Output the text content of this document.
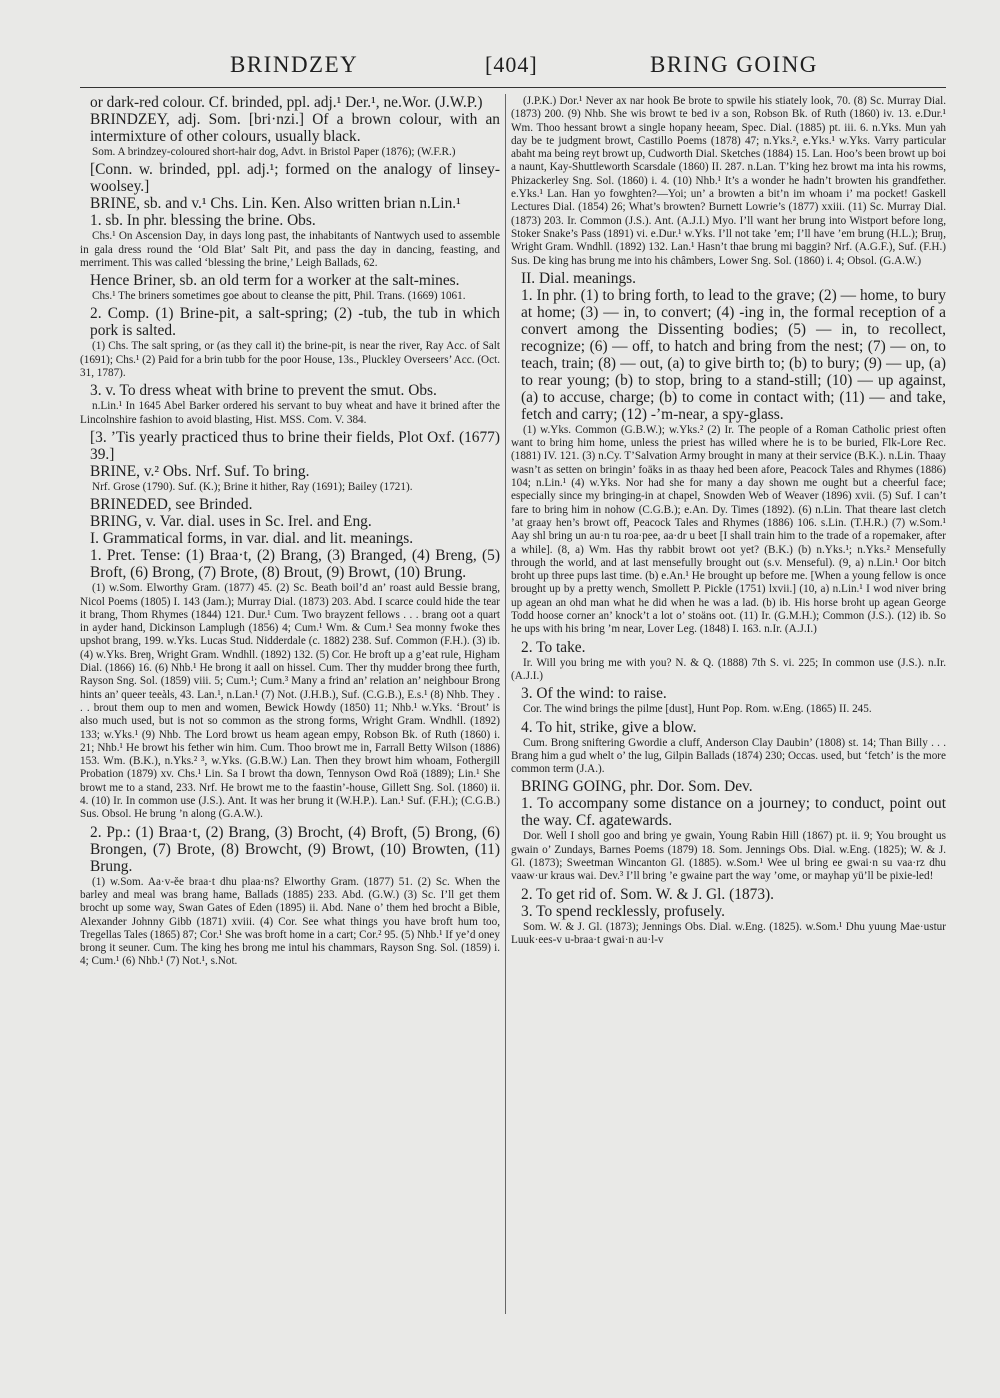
BRINDZEY	[404]	BRING GOING

or dark-red colour. Cf. brinded, ppl. adj.¹ Der.¹, ne.Wor. (J.W.P.)

BRINDZEY, adj. Som. [bri·nzi.] Of a brown colour, with an intermixture of other colours, usually black.

Som. A brindzey-coloured short-hair dog, Advt. in Bristol Paper (1876); (W.F.R.)

[Conn. w. brinded, ppl. adj.¹; formed on the analogy of linsey-woolsey.]

BRINE, sb. and v.¹ Chs. Lin. Ken. Also written brian n.Lin.¹

1. sb. In phr. blessing the brine. Obs.

Chs.¹ On Ascension Day, in days long past, the inhabitants of Nantwych used to assemble in gala dress round the ‘Old Blat’ Salt Pit, and pass the day in dancing, feasting, and merriment. This was called ‘blessing the brine,’ Leigh Ballads, 62.

Hence Briner, sb. an old term for a worker at the salt-mines.

Chs.¹ The briners sometimes goe about to cleanse the pitt, Phil. Trans. (1669) 1061.

2. Comp. (1) Brine-pit, a salt-spring; (2) -tub, the tub in which pork is salted.

(1) Chs. The salt spring, or (as they call it) the brine-pit, is near the river, Ray Acc. of Salt (1691); Chs.¹ (2) Paid for a brin tubb for the poor House, 13s., Pluckley Overseers’ Acc. (Oct. 31, 1787).

3. v. To dress wheat with brine to prevent the smut. Obs.

n.Lin.¹ In 1645 Abel Barker ordered his servant to buy wheat and have it brined after the Lincolnshire fashion to avoid blasting, Hist. MSS. Com. V. 384.

[3. ’Tis yearly practiced thus to brine their fields, Plot Oxf. (1677) 39.]

BRINE, v.² Obs. Nrf. Suf. To bring.

Nrf. Grose (1790). Suf. (K.); Brine it hither, Ray (1691); Bailey (1721).

BRINEDED, see Brinded.

BRING, v. Var. dial. uses in Sc. Irel. and Eng.

I. Grammatical forms, in var. dial. and lit. meanings.

1. Pret. Tense: (1) Braa·t, (2) Brang, (3) Branged, (4) Breng, (5) Broft, (6) Brong, (7) Brote, (8) Brout, (9) Browt, (10) Brung.

(1) w.Som. Elworthy Gram. (1877) 45. (2) Sc. Beath boil’d an’ roast auld Bessie brang, Nicol Poems (1805) I. 143 (Jam.); Murray Dial. (1873) 203. Abd. I scarce could hide the tear it brang, Thom Rhymes (1844) 121. Dur.¹ Cum. Two brayzent fellows . . . brang oot a quart in ayder hand, Dickinson Lamplugh (1856) 4; Cum.¹ Wm. & Cum.¹ Sea monny fwoke thes upshot brang, 199. w.Yks. Lucas Stud. Nidderdale (c. 1882) 238. Suf. Common (F.H.). (3) ib. (4) w.Yks. Breŋ, Wright Gram. Wndhll. (1892) 132. (5) Cor. He broft up a g’eat rule, Higham Dial. (1866) 16. (6) Nhb.¹ He brong it aall on hissel. Cum. Ther thy mudder brong thee furth, Rayson Sng. Sol. (1859) viii. 5; Cum.¹; Cum.³ Many a frind an’ relation an’ neighbour Brong hints an’ queer teeàls, 43. Lan.¹, n.Lan.¹ (7) Not. (J.H.B.), Suf. (C.G.B.), E.s.¹ (8) Nhb. They . . . brout them oup to men and women, Bewick Howdy (1850) 11; Nhb.¹ w.Yks. ‘Brout’ is also much used, but is not so common as the strong forms, Wright Gram. Wndhll. (1892) 133; w.Yks.¹ (9) Nhb. The Lord browt us heam agean empy, Robson Bk. of Ruth (1860) i. 21; Nhb.¹ He browt his fether win him. Cum. Thoo browt me in, Farrall Betty Wilson (1886) 153. Wm. (B.K.), n.Yks.² ³, w.Yks. (G.B.W.) Lan. Then they browt him whoam, Fothergill Probation (1879) xv. Chs.¹ Lin. Sa I browt tha down, Tennyson Owd Roä (1889); Lin.¹ She browt me to a stand, 233. Nrf. He browt me to the faastin’-house, Gillett Sng. Sol. (1860) ii. 4. (10) Ir. In common use (J.S.). Ant. It was her brung it (W.H.P.). Lan.¹ Suf. (F.H.); (C.G.B.) Sus. Obsol. He brung ’n along (G.A.W.).

2. Pp.: (1) Braa·t, (2) Brang, (3) Brocht, (4) Broft, (5) Brong, (6) Brongen, (7) Brote, (8) Browcht, (9) Browt, (10) Browten, (11) Brung.

(1) w.Som. Aa·v-ĕe braa·t dhu plaa·ns? Elworthy Gram. (1877) 51. (2) Sc. When the barley and meal was brang hame, Ballads (1885) 233. Abd. (G.W.) (3) Sc. I’ll get them brocht up some way, Swan Gates of Eden (1895) ii. Abd. Nane o’ them hed brocht a Bible, Alexander Johnny Gibb (1871) xviii. (4) Cor. See what things you have broft hum too, Tregellas Tales (1865) 87; Cor.¹ She was broft home in a cart; Cor.² 95. (5) Nhb.¹ If ye’d oney brong it seuner. Cum. The king hes brong me intul his chammars, Rayson Sng. Sol. (1859) i. 4; Cum.¹ (6) Nhb.¹ (7) Not.¹, s.Not.

(J.P.K.) Dor.¹ Never ax nar hook Be brote to spwile his stiately look, 70. (8) Sc. Murray Dial. (1873) 200. (9) Nhb. She wis browt te bed iv a son, Robson Bk. of Ruth (1860) iv. 13. e.Dur.¹ Wm. Thoo hessant browt a single hopany heeam, Spec. Dial. (1885) pt. iii. 6. n.Yks. Mun yah day be te judgment browt, Castillo Poems (1878) 47; n.Yks.², e.Yks.¹ w.Yks. Varry particular abaht ma being reyt browt up, Cudworth Dial. Sketches (1884) 15. Lan. Hoo’s been browt up boi a naunt, Kay-Shuttleworth Scarsdale (1860) II. 287. n.Lan. T’king hez browt ma inta his rowms, Phizackerley Sng. Sol. (1860) i. 4. (10) Nhb.¹ It’s a wonder he hadn’t browten his grandfether. e.Yks.¹ Lan. Han yo fowghten?—Yoi; un’ a browten a bit’n im whoam i’ ma pocket! Gaskell Lectures Dial. (1854) 26; What’s browten? Burnett Lowrie’s (1877) xxiii. (11) Sc. Murray Dial. (1873) 203. Ir. Common (J.S.). Ant. (A.J.I.) Myo. I’ll want her brung into Wistport before long, Stoker Snake’s Pass (1891) vi. e.Dur.¹ w.Yks. I’ll not take ’em; I’ll have ’em brung (H.L.); Bruŋ, Wright Gram. Wndhll. (1892) 132. Lan.¹ Hasn’t thae brung mi baggin? Nrf. (A.G.F.), Suf. (F.H.) Sus. De king has brung me into his châmbers, Lower Sng. Sol. (1860) i. 4; Obsol. (G.A.W.)

II. Dial. meanings.

1. In phr. (1) to bring forth, to lead to the grave; (2) — home, to bury at home; (3) — in, to convert; (4) -ing in, the formal reception of a convert among the Dissenting bodies; (5) — in, to recollect, recognize; (6) — off, to hatch and bring from the nest; (7) — on, to teach, train; (8) — out, (a) to give birth to; (b) to bury; (9) — up, (a) to rear young; (b) to stop, bring to a stand-still; (10) — up against, (a) to accuse, charge; (b) to come in contact with; (11) — and take, fetch and carry; (12) -’m-near, a spy-glass.

(1) w.Yks. Common (G.B.W.); w.Yks.² (2) Ir. The people of a Roman Catholic priest often want to bring him home, unless the priest has willed where he is to be buried, Flk-Lore Rec. (1881) IV. 121. (3) n.Cy. T’Salvation Army brought in many at their service (B.K.). n.Lin. Thaay wasn’t as setten on bringin’ foäks in as thaay hed been afore, Peacock Tales and Rhymes (1886) 104; n.Lin.¹ (4) w.Yks. Nor had she for many a day shown me ought but a cheerful face; especially since my bringing-in at chapel, Snowden Web of Weaver (1896) xvii. (5) Suf. I can’t fare to bring him in nohow (C.G.B.); e.An. Dy. Times (1892). (6) n.Lin. That theare last cletch ’at graay hen’s browt off, Peacock Tales and Rhymes (1886) 106. s.Lin. (T.H.R.) (7) w.Som.¹ Aay shl bring un au·n tu roa·pee, aa·dr u beet [I shall train him to the trade of a ropemaker, after a while]. (8, a) Wm. Has thy rabbit browt oot yet? (B.K.) (b) n.Yks.¹; n.Yks.² Mensefully through the world, and at last mensefully brought out (s.v. Menseful). (9, a) n.Lin.¹ Oor bitch broht up three pups last time. (b) e.An.¹ He brought up before me. [When a young fellow is once brought up by a pretty wench, Smollett P. Pickle (1751) lxvii.] (10, a) n.Lin.¹ I wod niver bring up agean an ohd man what he did when he was a lad. (b) ib. His horse broht up agean George Todd hoose corner an’ knock’t a lot o’ stoäns oot. (11) Ir. (G.M.H.); Common (J.S.). (12) ib. So he ups with his bring ’m near, Lover Leg. (1848) I. 163. n.Ir. (A.J.I.)

2. To take.

Ir. Will you bring me with you? N. & Q. (1888) 7th S. vi. 225; In common use (J.S.). n.Ir. (A.J.I.)

3. Of the wind: to raise.

Cor. The wind brings the pilme [dust], Hunt Pop. Rom. w.Eng. (1865) II. 245.

4. To hit, strike, give a blow.

Cum. Brong sniftering Gwordie a cluff, Anderson Clay Daubin’ (1808) st. 14; Than Billy . . . Brang him a gud whelt o’ the lug, Gilpin Ballads (1874) 230; Occas. used, but ‘fetch’ is the more common term (J.A.).

BRING GOING, phr. Dor. Som. Dev.

1. To accompany some distance on a journey; to conduct, point out the way. Cf. agatewards.

Dor. Well I sholl goo and bring ye gwain, Young Rabin Hill (1867) pt. ii. 9; You brought us gwain o’ Zundays, Barnes Poems (1879) 18. Som. Jennings Obs. Dial. w.Eng. (1825); W. & J. Gl. (1873); Sweetman Wincanton Gl. (1885). w.Som.¹ Wee ul bring ee gwai·n su vaa·rz dhu vaaw·ur kraus wai. Dev.³ I’ll bring ’e gwaine part the way ’ome, or mayhap yü’ll be pixie-led!

2. To get rid of. Som. W. & J. Gl. (1873).

3. To spend recklessly, profusely.

Som. W. & J. Gl. (1873); Jennings Obs. Dial. w.Eng. (1825). w.Som.¹ Dhu yuung Mae·ustur Luuk·ees-v u-braa·t gwai·n au·l-v
